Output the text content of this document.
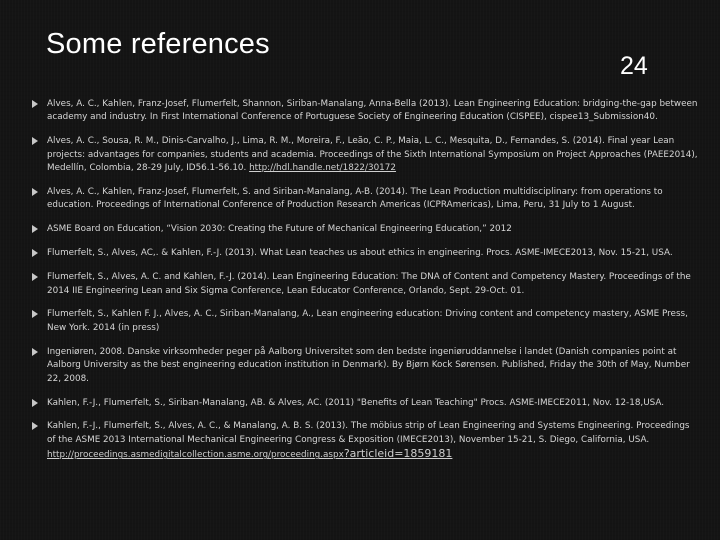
Some references
24
Alves, A. C., Kahlen, Franz-Josef, Flumerfelt, Shannon, Siriban-Manalang, Anna-Bella (2013). Lean Engineering Education: bridging-the-gap between academy and industry. In First International Conference of Portuguese Society of Engineering Education (CISPEE), cispee13_Submission40.
Alves, A. C., Sousa, R. M., Dinis-Carvalho, J., Lima, R. M., Moreira, F., Leão, C. P., Maia, L. C., Mesquita, D., Fernandes, S. (2014). Final year Lean projects: advantages for companies, students and academia. Proceedings of the Sixth International Symposium on Project Approaches (PAEE2014), Medellín, Colombia, 28-29 July, ID56.1-56.10. http://hdl.handle.net/1822/30172
Alves, A. C., Kahlen, Franz-Josef, Flumerfelt, S. and Siriban-Manalang, A-B. (2014). The Lean Production multidisciplinary: from operations to education. Proceedings of International Conference of Production Research Americas (ICPRAmericas), Lima, Peru, 31 July to 1 August.
ASME Board on Education, “Vision 2030: Creating the Future of Mechanical Engineering Education,” 2012
Flumerfelt, S., Alves, AC,. & Kahlen, F.-J. (2013). What Lean teaches us about ethics in engineering. Procs. ASME-IMECE2013, Nov. 15-21, USA.
Flumerfelt, S., Alves, A. C. and Kahlen, F.-J. (2014). Lean Engineering Education: The DNA of Content and Competency Mastery. Proceedings of the 2014 IIE Engineering Lean and Six Sigma Conference, Lean Educator Conference, Orlando, Sept. 29-Oct. 01.
Flumerfelt, S., Kahlen F. J., Alves, A. C., Siriban-Manalang, A., Lean engineering education: Driving content and competency mastery, ASME Press, New York. 2014 (in press)
Ingeniøren, 2008. Danske virksomheder peger på Aalborg Universitet som den bedste ingeniøruddannelse i landet (Danish companies point at Aalborg University as the best engineering education institution in Denmark). By Bjørn Kock Sørensen. Published, Friday the 30th of May, Number 22, 2008.
Kahlen, F.-J., Flumerfelt, S., Siriban-Manalang, AB. & Alves, AC. (2011) "Benefits of Lean Teaching" Procs. ASME-IMECE2011, Nov. 12-18,USA.
Kahlen, F.-J., Flumerfelt, S., Alves, A. C., & Manalang, A. B. S. (2013). The möbius strip of Lean Engineering and Systems Engineering. Proceedings of the ASME 2013 International Mechanical Engineering Congress & Exposition (IMECE2013), November 15-21, S. Diego, California, USA. http://proceedings.asmedigitalcollection.asme.org/proceeding.aspx?articleid=1859181
